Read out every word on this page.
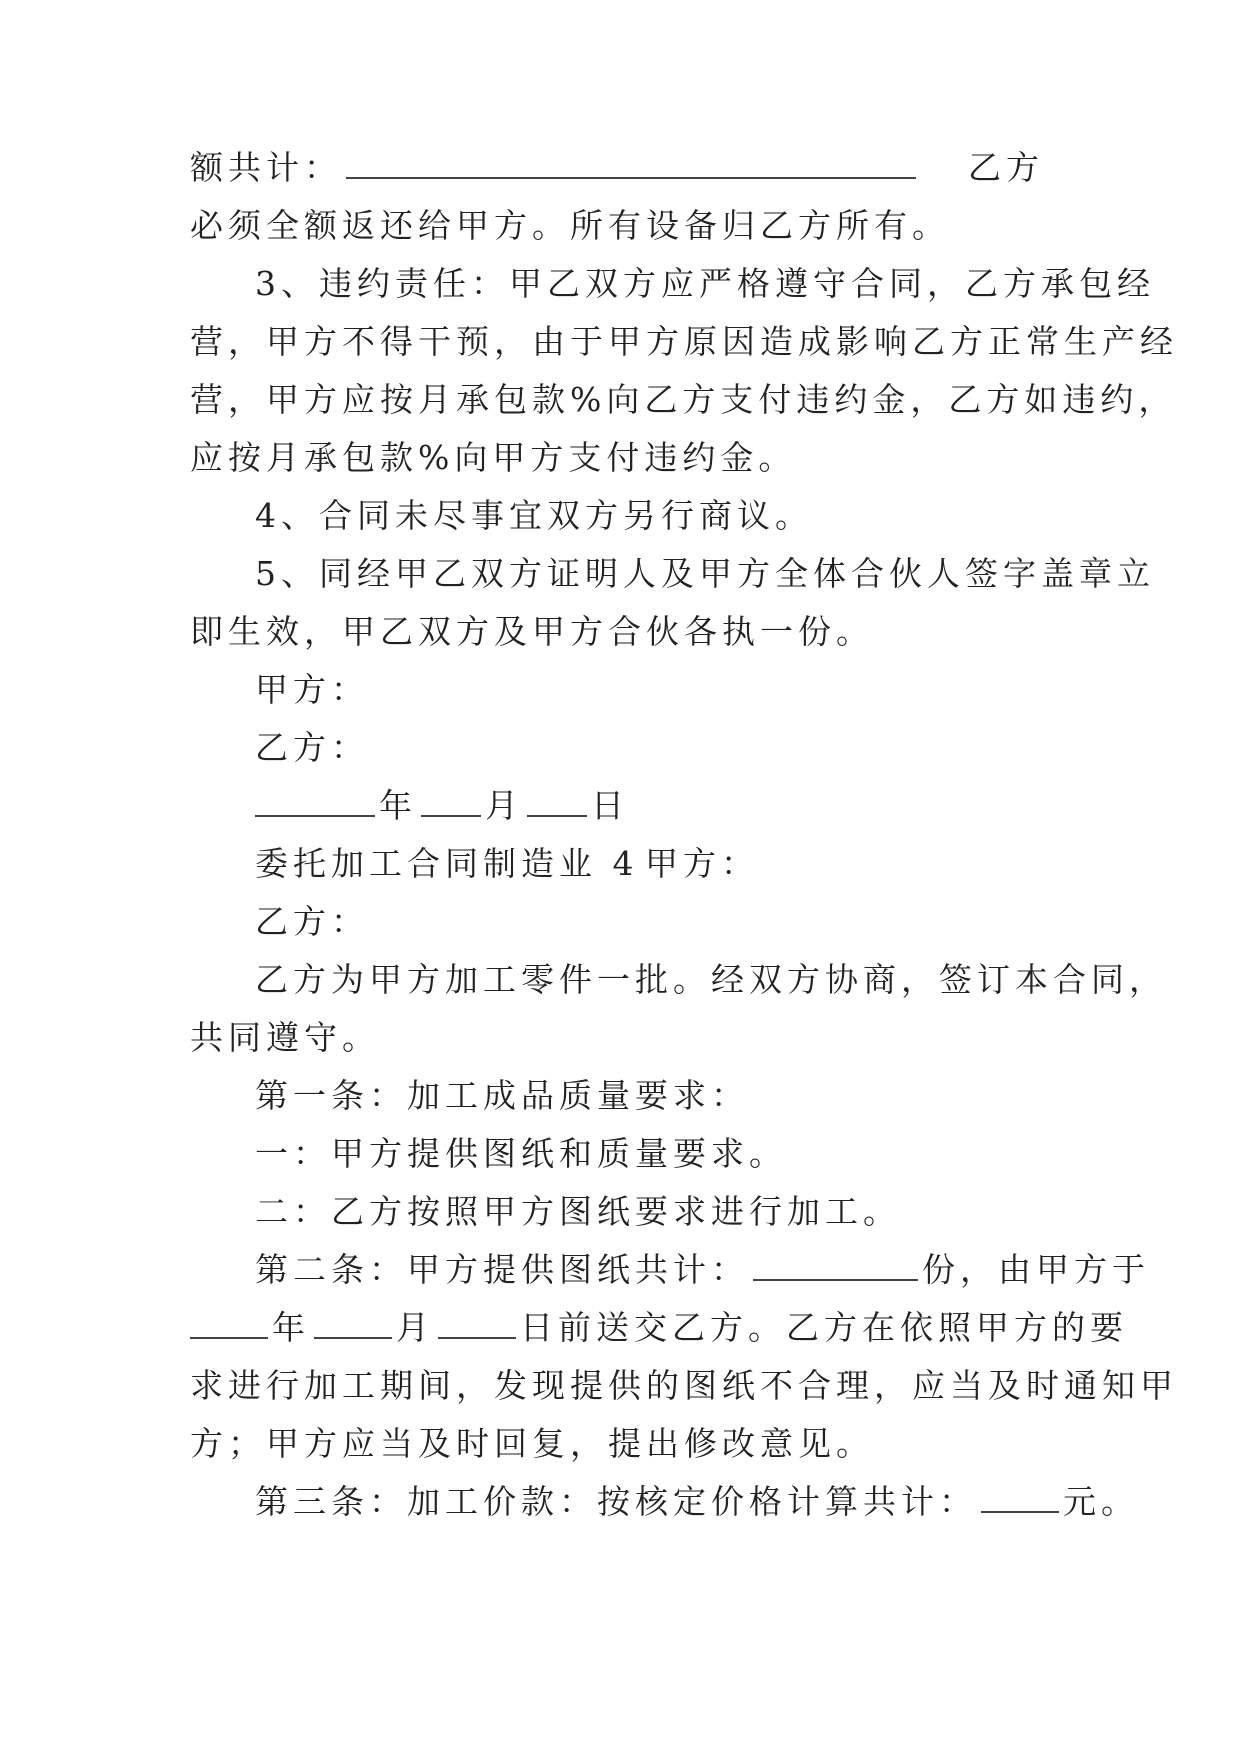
额共计：	乙方
必须全额返还给甲方。所有设备归乙方所有。
3、违约责任：甲乙双方应严格遵守合同，乙方承包经
营，甲方不得干预，由于甲方原因造成影响乙方正常生产经
营，甲方应按月承包款%向乙方支付违约金，乙方如违约，
应按月承包款%向甲方支付违约金。
4、合同未尽事宜双方另行商议。
5、同经甲乙双方证明人及甲方全体合伙人签字盖章立
即生效，甲乙双方及甲方合伙各执一份。
甲方：
乙方：
年 月 日
委托加工合同制造业 4 甲方：
乙方：
乙方为甲方加工零件一批。经双方协商，签订本合同，
共同遵守。
第一条：加工成品质量要求：
一：甲方提供图纸和质量要求。
二：乙方按照甲方图纸要求进行加工。
第二条：甲方提供图纸共计：	份，由甲方于
年	月	日前送交乙方。乙方在依照甲方的要
求进行加工期间，发现提供的图纸不合理，应当及时通知甲
方；甲方应当及时回复，提出修改意见。
第三条：加工价款：按核定价格计算共计：	元。
